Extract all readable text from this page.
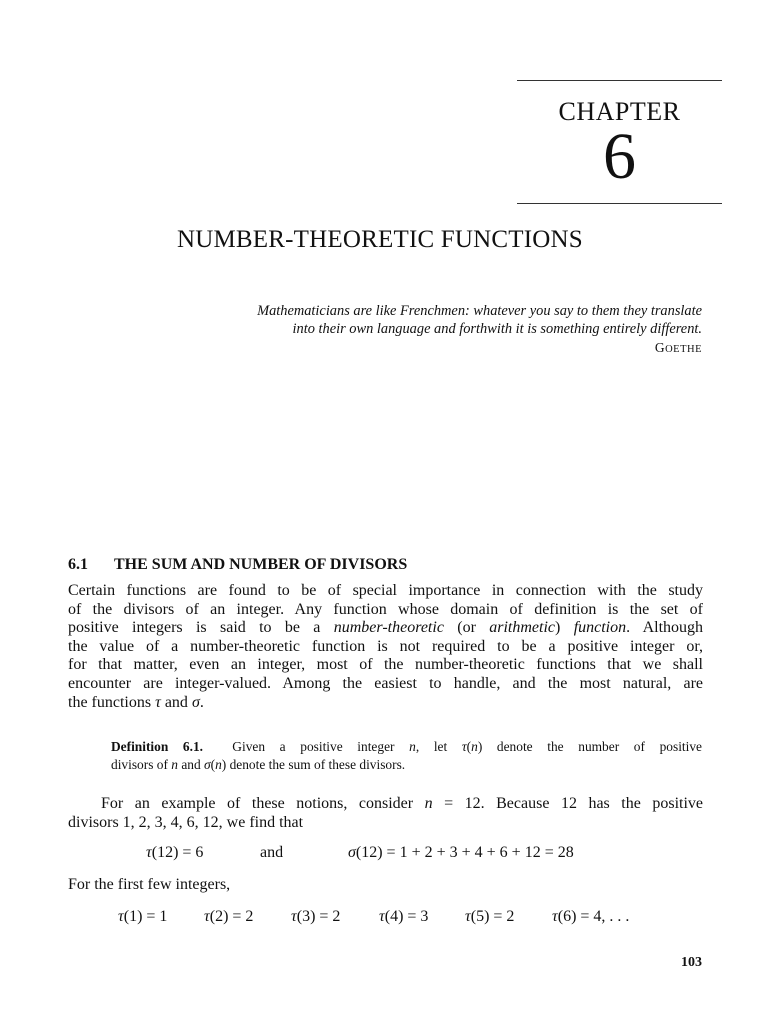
CHAPTER
6
NUMBER-THEORETIC FUNCTIONS
Mathematicians are like Frenchmen: whatever you say to them they translate
into their own language and forthwith it is something entirely different.
GOETHE
6.1 THE SUM AND NUMBER OF DIVISORS
Certain functions are found to be of special importance in connection with the study
of the divisors of an integer. Any function whose domain of definition is the set of
positive integers is said to be a number-theoretic (or arithmetic) function. Although
the value of a number-theoretic function is not required to be a positive integer or,
for that matter, even an integer, most of the number-theoretic functions that we shall
encounter are integer-valued. Among the easiest to handle, and the most natural, are
the functions τ and σ.
Definition 6.1.  Given a positive integer n, let τ(n) denote the number of positive
divisors of n and σ(n) denote the sum of these divisors.
For an example of these notions, consider n = 12. Because 12 has the positive
divisors 1, 2, 3, 4, 6, 12, we find that
τ(12) = 6	and	σ(12) = 1 + 2 + 3 + 4 + 6 + 12 = 28
For the first few integers,
τ(1) = 1 τ(2) = 2 τ(3) = 2 τ(4) = 3 τ(5) = 2 τ(6) = 4, . . .
103
